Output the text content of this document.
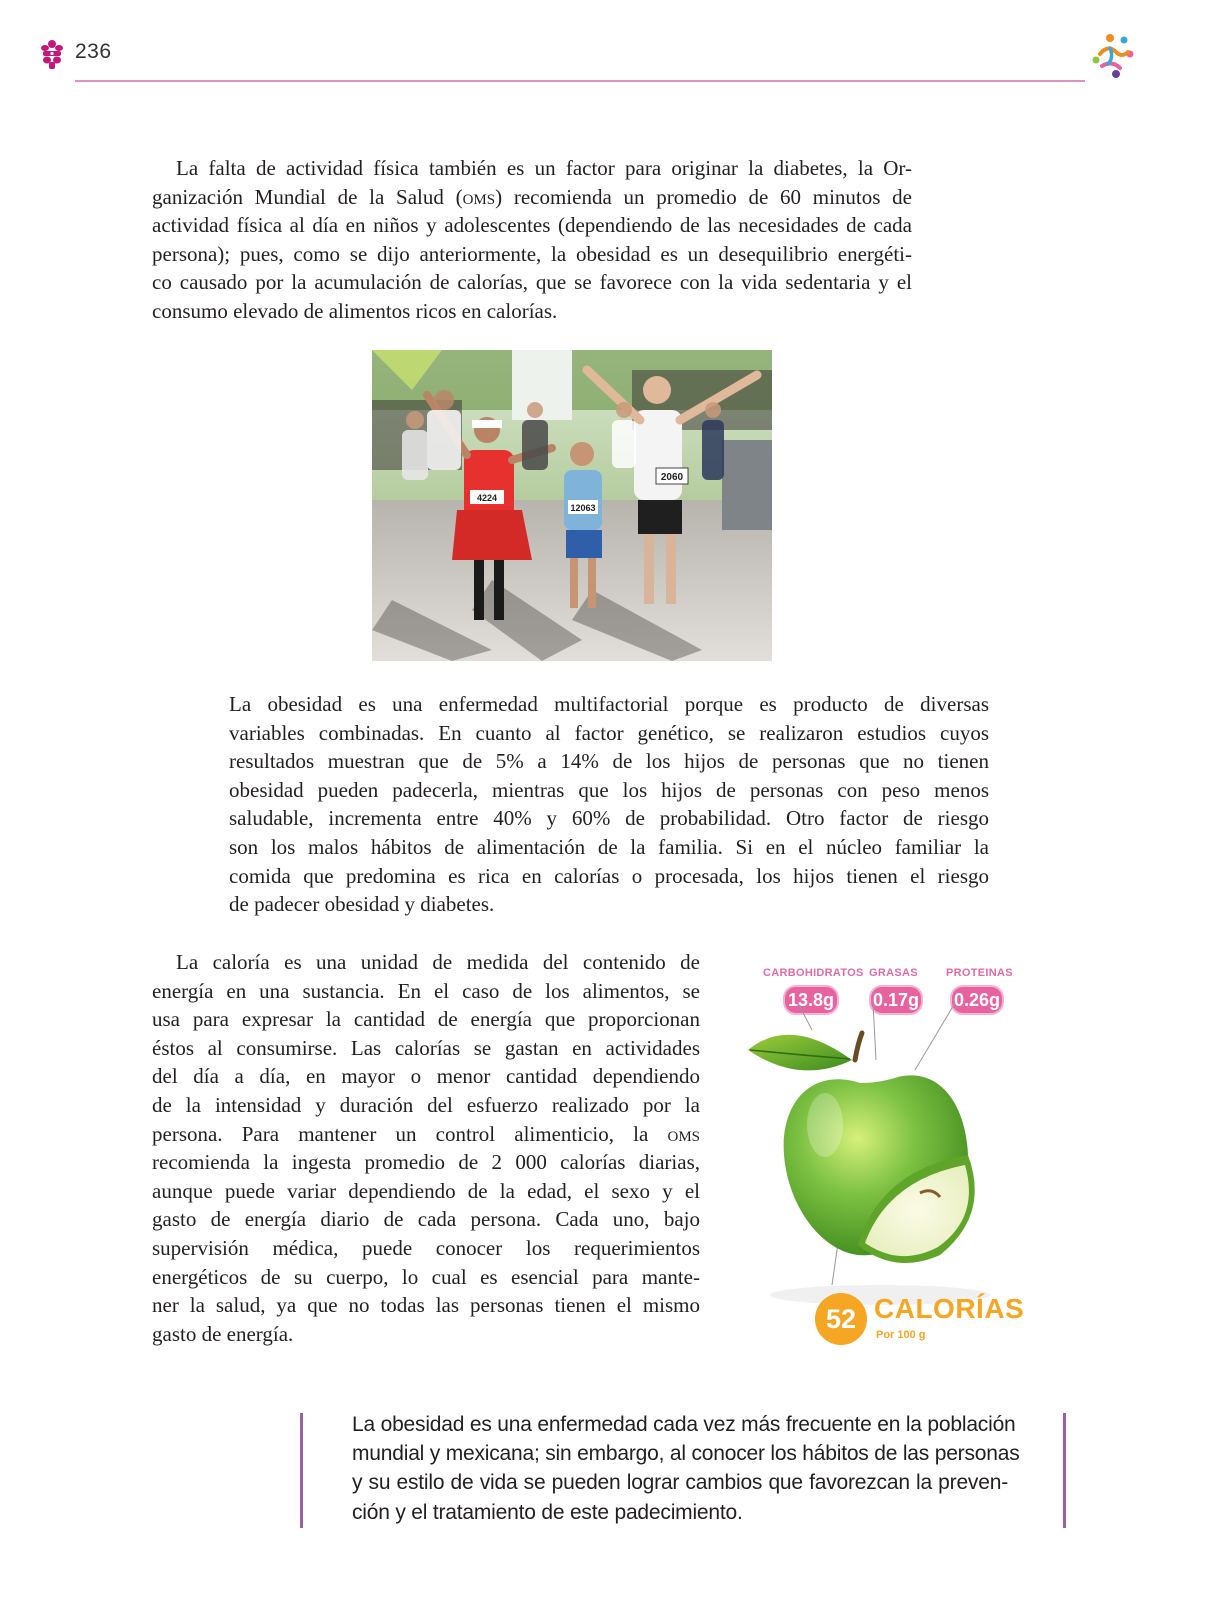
236
La falta de actividad física también es un factor para originar la diabetes, la Or-
ganización Mundial de la Salud (oms) recomienda un promedio de 60 minutos de
actividad física al día en niños y adolescentes (dependiendo de las necesidades de cada
persona); pues, como se dijo anteriormente, la obesidad es un desequilibrio energéti-
co causado por la acumulación de calorías, que se favorece con la vida sedentaria y el
consumo elevado de alimentos ricos en calorías.
2060
12063
4224
La obesidad es una enfermedad multifactorial porque es producto de diversas
variables combinadas. En cuanto al factor genético, se realizaron estudios cuyos
resultados muestran que de 5% a 14% de los hijos de personas que no tienen
obesidad pueden padecerla, mientras que los hijos de personas con peso menos
saludable, incrementa entre 40% y 60% de probabilidad. Otro factor de riesgo
son los malos hábitos de alimentación de la familia. Si en el núcleo familiar la
comida que predomina es rica en calorías o procesada, los hijos tienen el riesgo
de padecer obesidad y diabetes.
La caloría es una unidad de medida del contenido de
energía en una sustancia. En el caso de los alimentos, se
usa para expresar la cantidad de energía que proporcionan
éstos al consumirse. Las calorías se gastan en actividades
del día a día, en mayor o menor cantidad dependiendo
de la intensidad y duración del esfuerzo realizado por la
persona. Para mantener un control alimenticio, la oms
recomienda la ingesta promedio de 2 000 calorías diarias,
aunque puede variar dependiendo de la edad, el sexo y el
gasto de energía diario de cada persona. Cada uno, bajo
supervisión médica, puede conocer los requerimientos
energéticos de su cuerpo, lo cual es esencial para mante-
ner la salud, ya que no todas las personas tienen el mismo
gasto de energía.
CARBOHIDRATOS GRASAS	PROTEINAS
13.8g 0.17g 0.26g
52 CALORÍAS
Por 100 g
La obesidad es una enfermedad cada vez más frecuente en la población
mundial y mexicana; sin embargo, al conocer los hábitos de las personas
y su estilo de vida se pueden lograr cambios que favorezcan la preven-
ción y el tratamiento de este padecimiento.
